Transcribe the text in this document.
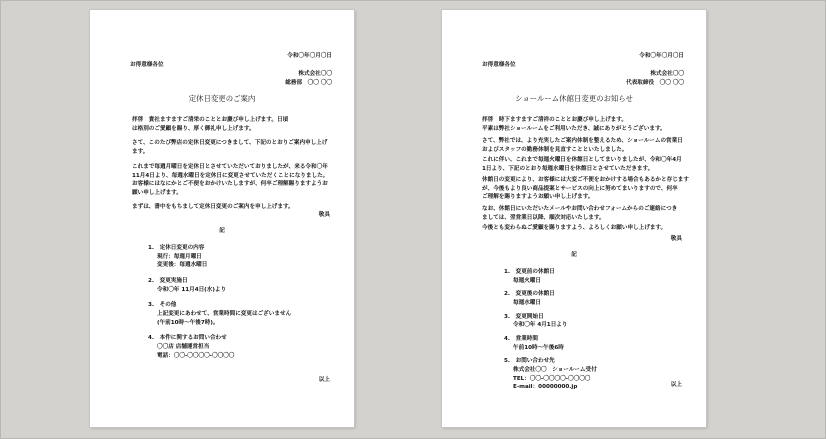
令和〇年〇月〇日
お得意様各位
株式会社〇〇
総務部　〇〇 〇〇
定休日変更のご案内
拝啓　貴社ますますご清栄のこととお慶び申し上げます。日頃
は格別のご愛顧を賜り、厚く御礼申し上げます。
さて、このたび弊店の定休日変更につきまして、下記のとおりご案内申し上げ
ます。
これまで毎週月曜日を定休日とさせていただいておりましたが、来る令和〇年
11月4日より、毎週水曜日を定休日に変更させていただくことになりました。
お客様にはなにかとご不便をおかけいたしますが、何卒ご理解賜りますようお
願い申し上げます。
まずは、書中をもちまして定休日変更のご案内を申し上げます。
敬具
記
1.　定休日変更の内容
現行：毎週月曜日
変更後：毎週水曜日
2.　変更実施日
令和〇年 11月4日(水)より
3.　その他
上記変更にあわせて、営業時間に変更はございません
(午前10時〜午後7時)。
4.　本件に関するお問い合わせ
〇〇店 店舗運営担当
電話：〇〇-〇〇〇〇-〇〇〇〇
以上
令和〇年〇月〇日
お得意様各位
株式会社〇〇
代表取締役　〇〇 〇〇
ショールーム休館日変更のお知らせ
拝啓　時下ますますご清祥のこととお慶び申し上げます。
平素は弊社ショールームをご利用いただき、誠にありがとうございます。
さて、弊社では、より充実したご案内体制を整えるため、ショールームの営業日
およびスタッフの勤務体制を見直すことといたしました。
これに伴い、これまで毎週火曜日を休館日としてまいりましたが、令和〇年4月
1日より、下記のとおり毎週水曜日を休館日とさせていただきます。
休館日の変更により、お客様には大変ご不便をおかけする場合もあるかと存じます
が、今後もより良い商品提案とサービスの向上に努めてまいりますので、何卒
ご理解を賜りますようお願い申し上げます。
なお、休館日にいただいたメールやお問い合わせフォームからのご連絡につき
ましては、翌営業日以降、順次対応いたします。
今後とも変わらぬご愛顧を賜りますよう、よろしくお願い申し上げます。
敬具
記
1.　変更前の休館日
毎週火曜日
2.　変更後の休館日
毎週水曜日
3.　変更開始日
令和〇年 4月1日より
4.　営業時間
午前10時〜午後6時
5.　お問い合わせ先
株式会社〇〇　ショールーム受付
TEL：〇〇-〇〇〇〇-〇〇〇〇
E-mail：00000000.jp	以上
